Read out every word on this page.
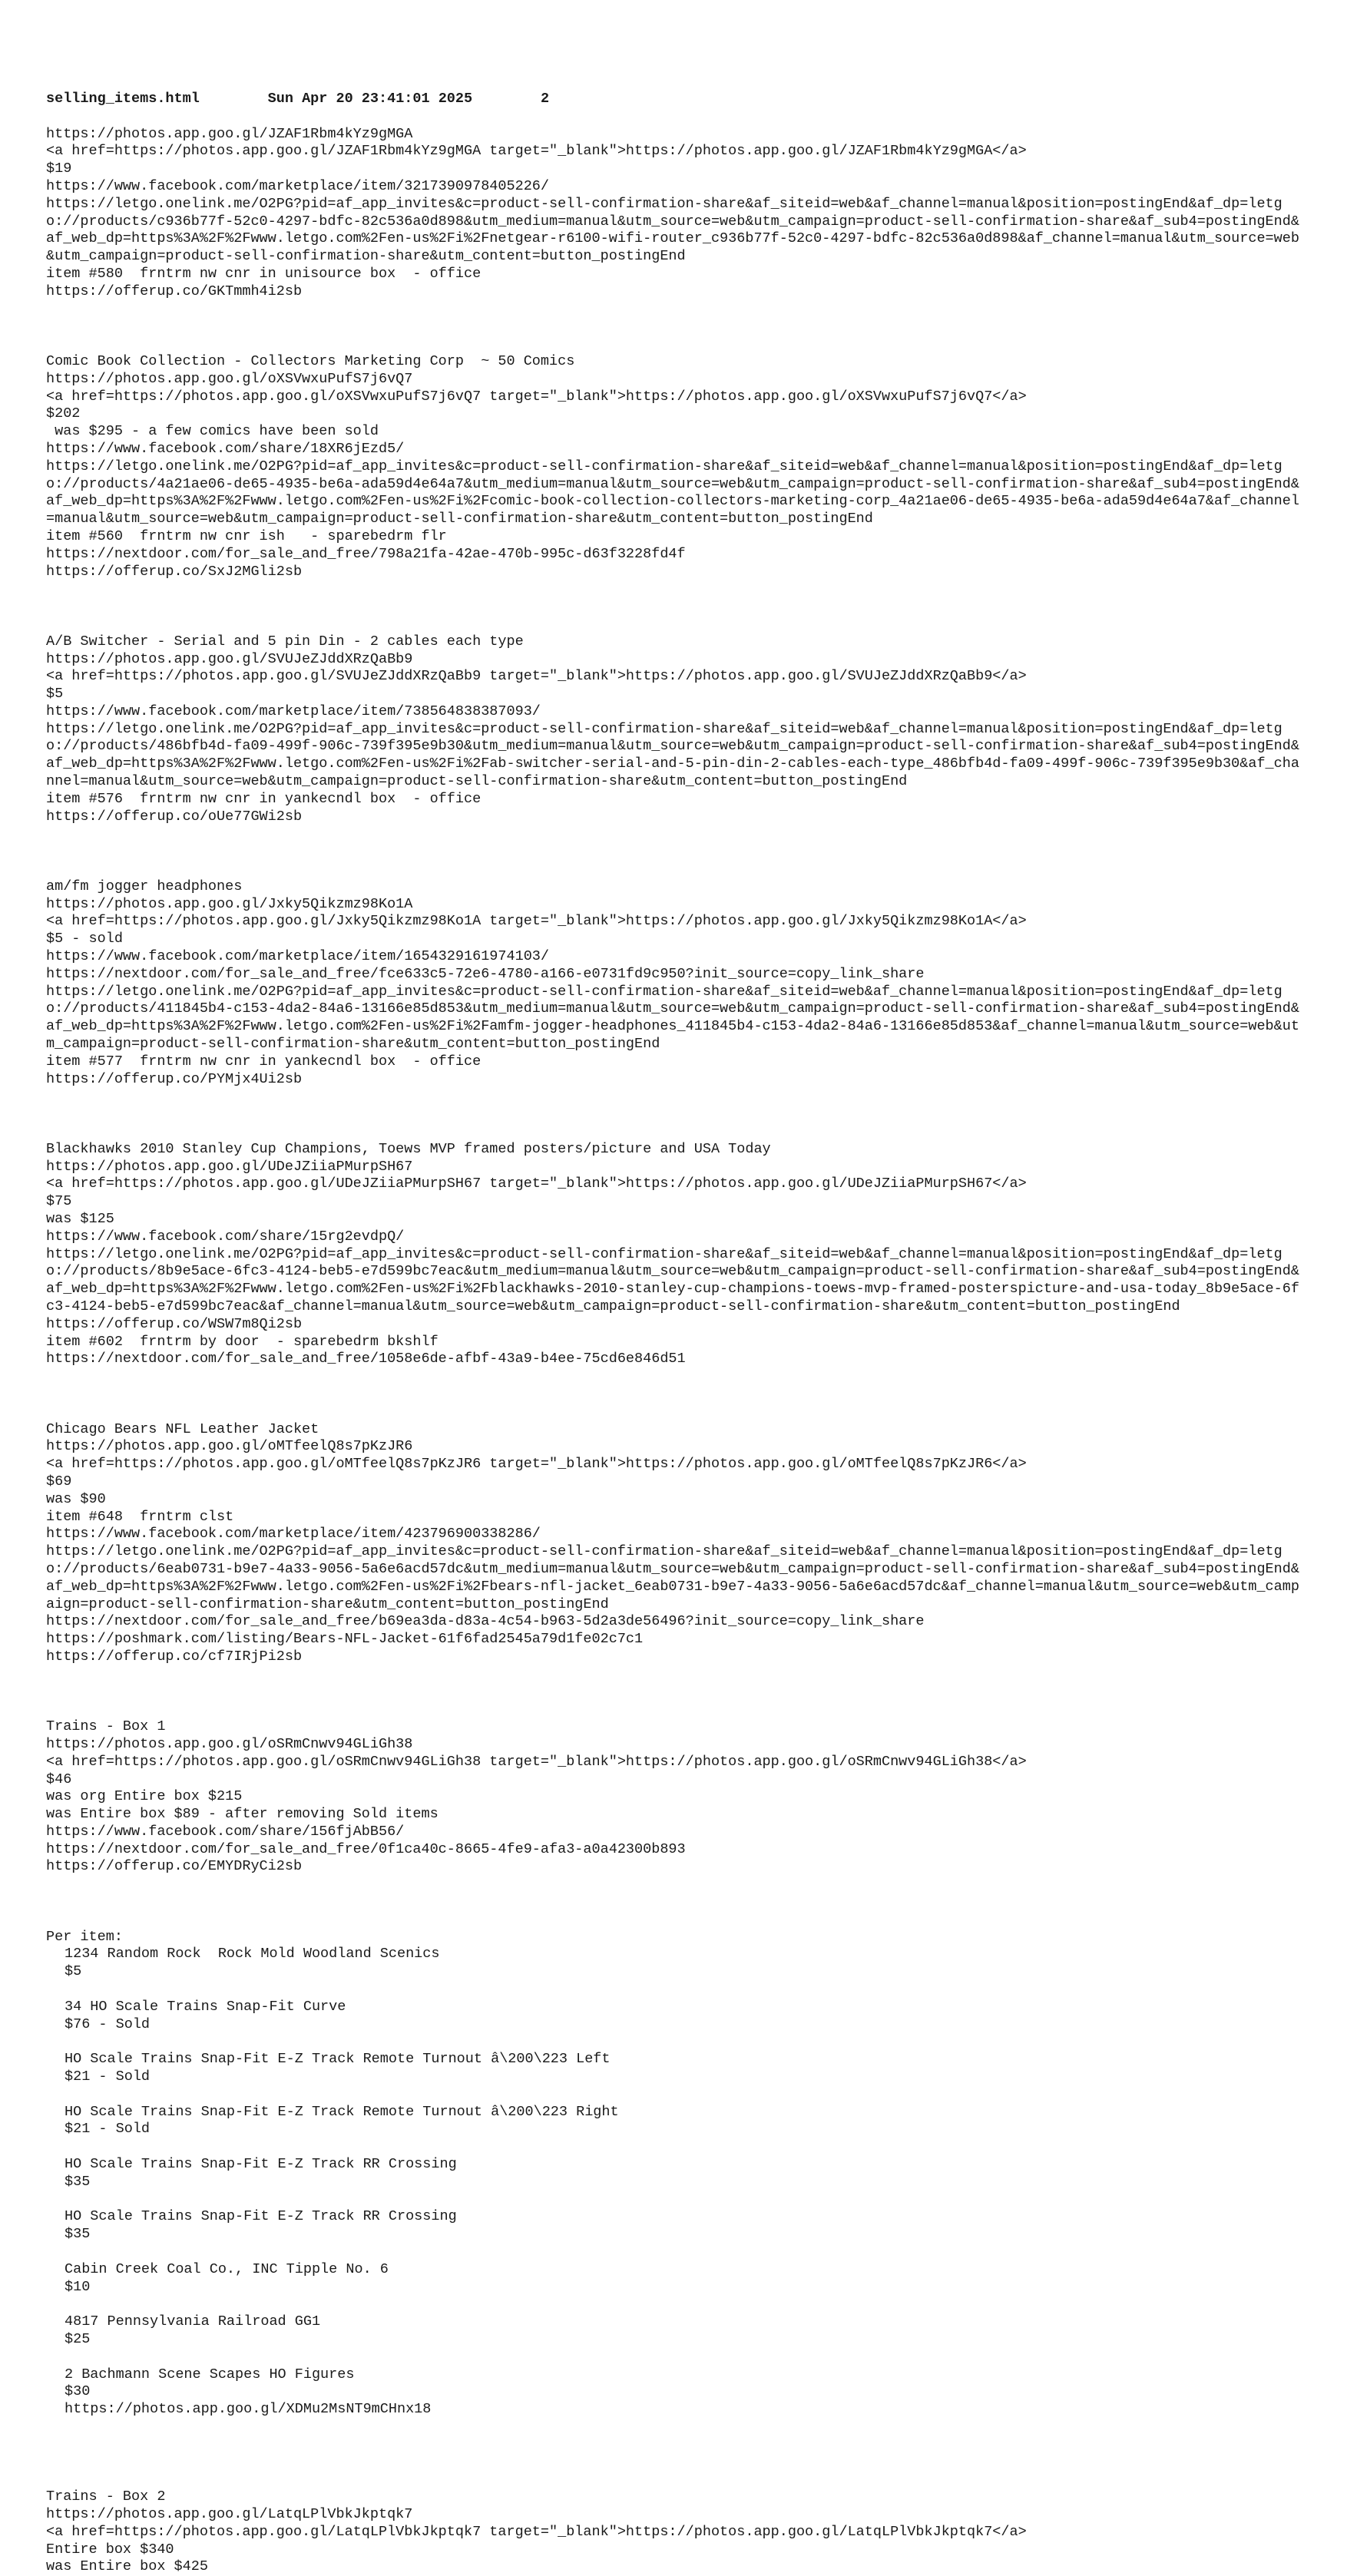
selling_items.html	Sun Apr 20 23:41:01 2025	2
https://photos.app.goo.gl/JZAF1Rbm4kYz9gMGA
<a href=https://photos.app.goo.gl/JZAF1Rbm4kYz9gMGA target="_blank">https://photos.app.goo.gl/JZAF1Rbm4kYz9gMGA</a>
$19
https://www.facebook.com/marketplace/item/3217390978405226/
https://letgo.onelink.me/O2PG?pid=af_app_invites&c=product-sell-confirmation-share&af_siteid=web&af_channel=manual&position=postingEnd&af_dp=letgo://products/c936b77f-52c0-4297-bdfc-82c536a0d898&utm_medium=manual&utm_source=web&utm_campaign=product-sell-confirmation-share&af_sub4=postingEnd&af_web_dp=https%3A%2F%2Fwww.letgo.com%2Fen-us%2Fi%2Fnetgear-r6100-wifi-router_c936b77f-52c0-4297-bdfc-82c536a0d898&af_channel=manual&utm_source=web&utm_campaign=product-sell-confirmation-share&utm_content=button_postingEnd
item #580  frntrm nw cnr in unisource box  - office
https://offerup.co/GKTmmh4i2sb
Comic Book Collection - Collectors Marketing Corp  ~ 50 Comics
https://photos.app.goo.gl/oXSVwxuPufS7j6vQ7
<a href=https://photos.app.goo.gl/oXSVwxuPufS7j6vQ7 target="_blank">https://photos.app.goo.gl/oXSVwxuPufS7j6vQ7</a>
$202
was $295 - a few comics have been sold
https://www.facebook.com/share/18XR6jEzd5/
https://letgo.onelink.me/O2PG?pid=af_app_invites&c=product-sell-confirmation-share&af_siteid=web&af_channel=manual&position=postingEnd&af_dp=letgo://products/4a21ae06-de65-4935-be6a-ada59d4e64a7&utm_medium=manual&utm_source=web&utm_campaign=product-sell-confirmation-share&af_sub4=postingEnd&af_web_dp=https%3A%2F%2Fwww.letgo.com%2Fen-us%2Fi%2Fcomic-book-collection-collectors-marketing-corp_4a21ae06-de65-4935-be6a-ada59d4e64a7&af_channel=manual&utm_source=web&utm_campaign=product-sell-confirmation-share&utm_content=button_postingEnd
item #560  frntrm nw cnr ish   - sparebedrm flr
https://nextdoor.com/for_sale_and_free/798a21fa-42ae-470b-995c-d63f3228fd4f
https://offerup.co/SxJ2MGli2sb
A/B Switcher - Serial and 5 pin Din - 2 cables each type
https://photos.app.goo.gl/SVUJeZJddXRzQaBb9
<a href=https://photos.app.goo.gl/SVUJeZJddXRzQaBb9 target="_blank">https://photos.app.goo.gl/SVUJeZJddXRzQaBb9</a>
$5
https://www.facebook.com/marketplace/item/738564838387093/
https://letgo.onelink.me/O2PG?pid=af_app_invites&c=product-sell-confirmation-share&af_siteid=web&af_channel=manual&position=postingEnd&af_dp=letgo://products/486bfb4d-fa09-499f-906c-739f395e9b30&utm_medium=manual&utm_source=web&utm_campaign=product-sell-confirmation-share&af_sub4=postingEnd&af_web_dp=https%3A%2F%2Fwww.letgo.com%2Fen-us%2Fi%2Fab-switcher-serial-and-5-pin-din-2-cables-each-type_486bfb4d-fa09-499f-906c-739f395e9b30&af_channel=manual&utm_source=web&utm_campaign=product-sell-confirmation-share&utm_content=button_postingEnd
item #576  frntrm nw cnr in yankecndl box  - office
https://offerup.co/oUe77GWi2sb
am/fm jogger headphones
https://photos.app.goo.gl/Jxky5Qikzmz98Ko1A
<a href=https://photos.app.goo.gl/Jxky5Qikzmz98Ko1A target="_blank">https://photos.app.goo.gl/Jxky5Qikzmz98Ko1A</a>
$5 - sold
https://www.facebook.com/marketplace/item/1654329161974103/
https://nextdoor.com/for_sale_and_free/fce633c5-72e6-4780-a166-e0731fd9c950?init_source=copy_link_share
https://letgo.onelink.me/O2PG?pid=af_app_invites&c=product-sell-confirmation-share&af_siteid=web&af_channel=manual&position=postingEnd&af_dp=letgo://products/411845b4-c153-4da2-84a6-13166e85d853&utm_medium=manual&utm_source=web&utm_campaign=product-sell-confirmation-share&af_sub4=postingEnd&af_web_dp=https%3A%2F%2Fwww.letgo.com%2Fen-us%2Fi%2Famfm-jogger-headphones_411845b4-c153-4da2-84a6-13166e85d853&af_channel=manual&utm_source=web&utm_campaign=product-sell-confirmation-share&utm_content=button_postingEnd
item #577  frntrm nw cnr in yankecndl box  - office
https://offerup.co/PYMjx4Ui2sb
Blackhawks 2010 Stanley Cup Champions, Toews MVP framed posters/picture and USA Today
https://photos.app.goo.gl/UDeJZiiaPMurpSH67
<a href=https://photos.app.goo.gl/UDeJZiiaPMurpSH67 target="_blank">https://photos.app.goo.gl/UDeJZiiaPMurpSH67</a>
$75
was $125
https://www.facebook.com/share/15rg2evdpQ/
https://letgo.onelink.me/O2PG?pid=af_app_invites&c=product-sell-confirmation-share&af_siteid=web&af_channel=manual&position=postingEnd&af_dp=letgo://products/8b9e5ace-6fc3-4124-beb5-e7d599bc7eac&utm_medium=manual&utm_source=web&utm_campaign=product-sell-confirmation-share&af_sub4=postingEnd&af_web_dp=https%3A%2F%2Fwww.letgo.com%2Fen-us%2Fi%2Fblackhawks-2010-stanley-cup-champions-toews-mvp-framed-posterspicture-and-usa-today_8b9e5ace-6fc3-4124-beb5-e7d599bc7eac&af_channel=manual&utm_source=web&utm_campaign=product-sell-confirmation-share&utm_content=button_postingEnd
https://offerup.co/WSW7m8Qi2sb
item #602  frntrm by door  - sparebedrm bkshlf
https://nextdoor.com/for_sale_and_free/1058e6de-afbf-43a9-b4ee-75cd6e846d51
Chicago Bears NFL Leather Jacket
https://photos.app.goo.gl/oMTfeelQ8s7pKzJR6
<a href=https://photos.app.goo.gl/oMTfeelQ8s7pKzJR6 target="_blank">https://photos.app.goo.gl/oMTfeelQ8s7pKzJR6</a>
$69
was $90
item #648  frntrm clst
https://www.facebook.com/marketplace/item/423796900338286/
https://letgo.onelink.me/O2PG?pid=af_app_invites&c=product-sell-confirmation-share&af_siteid=web&af_channel=manual&position=postingEnd&af_dp=letgo://products/6eab0731-b9e7-4a33-9056-5a6e6acd57dc&utm_medium=manual&utm_source=web&utm_campaign=product-sell-confirmation-share&af_sub4=postingEnd&af_web_dp=https%3A%2F%2Fwww.letgo.com%2Fen-us%2Fi%2Fbears-nfl-jacket_6eab0731-b9e7-4a33-9056-5a6e6acd57dc&af_channel=manual&utm_source=web&utm_campaign=product-sell-confirmation-share&utm_content=button_postingEnd
https://nextdoor.com/for_sale_and_free/b69ea3da-d83a-4c54-b963-5d2a3de56496?init_source=copy_link_share
https://poshmark.com/listing/Bears-NFL-Jacket-61f6fad2545a79d1fe02c7c1
https://offerup.co/cf7IRjPi2sb
Trains - Box 1
https://photos.app.goo.gl/oSRmCnwv94GLiGh38
<a href=https://photos.app.goo.gl/oSRmCnwv94GLiGh38 target="_blank">https://photos.app.goo.gl/oSRmCnwv94GLiGh38</a>
$46
was org Entire box $215
was Entire box $89 - after removing Sold items
https://www.facebook.com/share/156fjAbB56/
https://nextdoor.com/for_sale_and_free/0f1ca40c-8665-4fe9-afa3-a0a42300b893
https://offerup.co/EMYDRyCi2sb
Per item:
1234 Random Rock  Rock Mold Woodland Scenics
$5
34 HO Scale Trains Snap-Fit Curve
$76 - Sold
HO Scale Trains Snap-Fit E-Z Track Remote Turnout â\200\223 Left
$21 - Sold
HO Scale Trains Snap-Fit E-Z Track Remote Turnout â\200\223 Right
$21 - Sold
HO Scale Trains Snap-Fit E-Z Track RR Crossing
$35
HO Scale Trains Snap-Fit E-Z Track RR Crossing
$35
Cabin Creek Coal Co., INC Tipple No. 6
$10
4817 Pennsylvania Railroad GG1
$25
2 Bachmann Scene Scapes HO Figures
$30
https://photos.app.goo.gl/XDMu2MsNT9mCHnx18
Trains - Box 2
https://photos.app.goo.gl/LatqLPlVbkJkptqk7
<a href=https://photos.app.goo.gl/LatqLPlVbkJkptqk7 target="_blank">https://photos.app.goo.gl/LatqLPlVbkJkptqk7</a>
Entire box $340
was Entire box $425
